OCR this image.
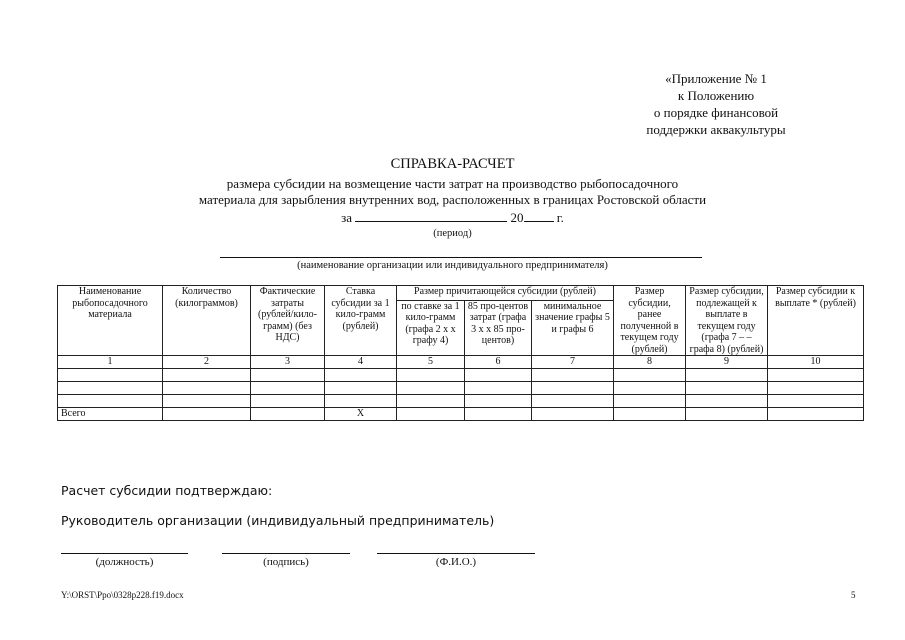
«Приложение № 1
к Положению
о порядке финансовой
поддержки аквакультуры
СПРАВКА-РАСЧЕТ
размера субсидии на возмещение части затрат на производство рыбопосадочного
материала для зарыбления внутренних вод, расположенных в границах Ростовской области
за	20	г.
(период)
(наименование организации или индивидуального предпринимателя)
Наименование рыбопосадочного материала	Количество (килограммов)	Фактические затраты (рублей/кило-грамм) (без НДС)	Ставка субсидии за 1 кило-грамм (рублей)	Размер причитающейся субсидии (рублей)			Размер субсидии, ранее полученной в текущем году (рублей)	Размер субсидии, подлежащей к выплате в текущем году (графа 7 – – графа 8) (рублей)	Размер субсидии к выплате * (рублей)
				по ставке за 1 кило-грамм (графа 2 х х графу 4)	85 про-центов затрат (графа 3 х х 85 про-центов)	минимальное значение графы 5 и графы 6			
1	2	3	4	5	6	7	8	9	10

Всего			Х						
Расчет субсидии подтверждаю:
Руководитель организации (индивидуальный предприниматель)
(должность)	(подпись)	(Ф.И.О.)
Y:\ORST\Ppo\0328p228.f19.docx	5
